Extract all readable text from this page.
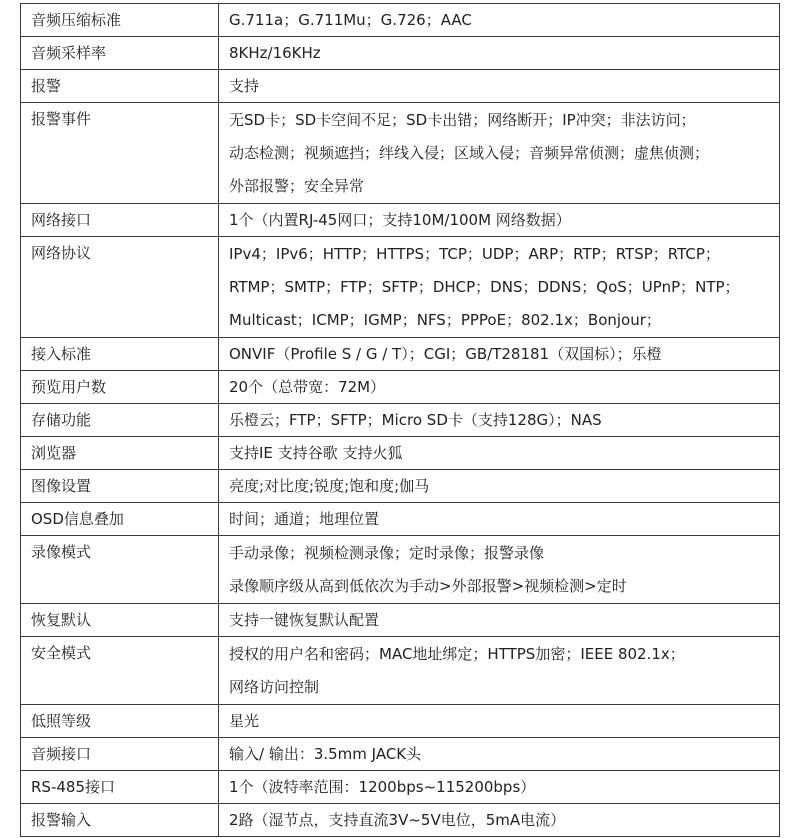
音频压缩标准	G.711a；G.711Mu；G.726；AAC

音频采样率	8KHz/16KHz

报警	支持

报警事件	无SD卡；SD卡空间不足；SD卡出错；网络断开；IP冲突；非法访问；
动态检测；视频遮挡；绊线入侵；区域入侵；音频异常侦测；虚焦侦测；
外部报警；安全异常

网络接口	1个（内置RJ-45网口；支持10M/100M 网络数据）

网络协议	IPv4；IPv6；HTTP；HTTPS；TCP；UDP；ARP；RTP；RTSP；RTCP；
RTMP；SMTP；FTP；SFTP；DHCP；DNS；DDNS；QoS；UPnP；NTP；
Multicast；ICMP；IGMP；NFS；PPPoE；802.1x；Bonjour；

接入标准	ONVIF（Profile S / G / T）；CGI；GB/T28181（双国标）；乐橙

预览用户数	20个（总带宽：72M）

存储功能	乐橙云；FTP；SFTP；Micro SD卡（支持128G）；NAS

浏览器	支持IE 支持谷歌 支持火狐

图像设置	亮度;对比度;锐度;饱和度;伽马

OSD信息叠加	时间；通道；地理位置

录像模式	手动录像；视频检测录像；定时录像；报警录像
录像顺序级从高到低依次为手动>外部报警>视频检测>定时

恢复默认	支持一键恢复默认配置

安全模式	授权的用户名和密码；MAC地址绑定；HTTPS加密；IEEE 802.1x；
网络访问控制

低照等级	星光

音频接口	输入/ 输出：3.5mm JACK头

RS-485接口	1个（波特率范围：1200bps~115200bps）

报警输入	2路（湿节点，支持直流3V~5V电位，5mA电流）
